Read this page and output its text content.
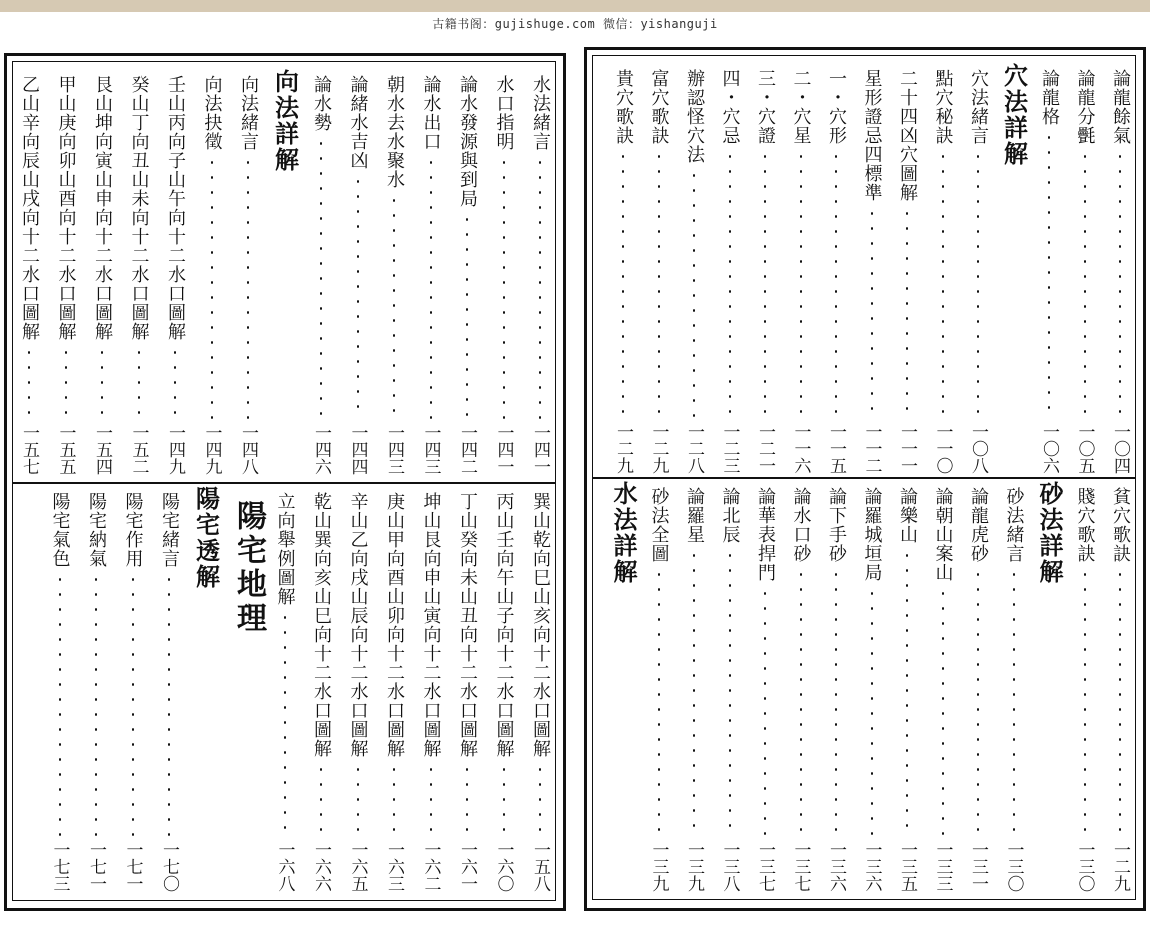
古籍书阁：gujishuge.com 微信：yishanguji
水法緒言
一四一
水口指明
一四一
論水發源與到局
一四二
論水出口
一四三
朝水去水聚水
一四三
論緒水吉凶
一四四
論水勢
一四六
向法詳解
向法緒言
一四八
向法抉徵
一四九
壬山丙向子山午向十二水口圖解
一四九
癸山丁向丑山未向十二水口圖解
一五二
艮山坤向寅山申向十二水口圖解
一五四
甲山庚向卯山酉向十二水口圖解
一五五
乙山辛向辰山戌向十二水口圖解
一五七
巽山乾向巳山亥向十二水口圖解
一五八
丙山壬向午山子向十二水口圖解
一六〇
丁山癸向未山丑向十二水口圖解
一六一
坤山艮向申山寅向十二水口圖解
一六二
庚山甲向酉山卯向十二水口圖解
一六三
辛山乙向戌山辰向十二水口圖解
一六五
乾山巽向亥山巳向十二水口圖解
一六六
立向舉例圖解
一六八
陽宅地理
陽宅透解
陽宅緒言
一七〇
陽宅作用
一七一
陽宅納氣
一七一
陽宅氣色
一七三
論龍餘氣
一〇四
論龍分㲲
一〇五
論龍格
一〇六
穴法詳解
穴法緒言
一〇八
點穴秘訣
一一〇
二十四凶穴圖解
一一一
星形證忌四標準
一一二
一・穴形
一一五
二・穴星
一一六
三・穴證
一二一
四・穴忌
一二三
辦認怪穴法
一二八
富穴歌訣
一二九
貴穴歌訣
一二九
貧穴歌訣
一二九
賤穴歌訣
一三〇
砂法詳解
砂法緒言
一三〇
論龍虎砂
一三一
論朝山案山
一三三
論樂山
一三五
論羅城垣局
一三六
論下手砂
一三六
論水口砂
一三七
論華表捍門
一三七
論北辰
一三八
論羅星
一三九
砂法全圖
一三九
水法詳解
